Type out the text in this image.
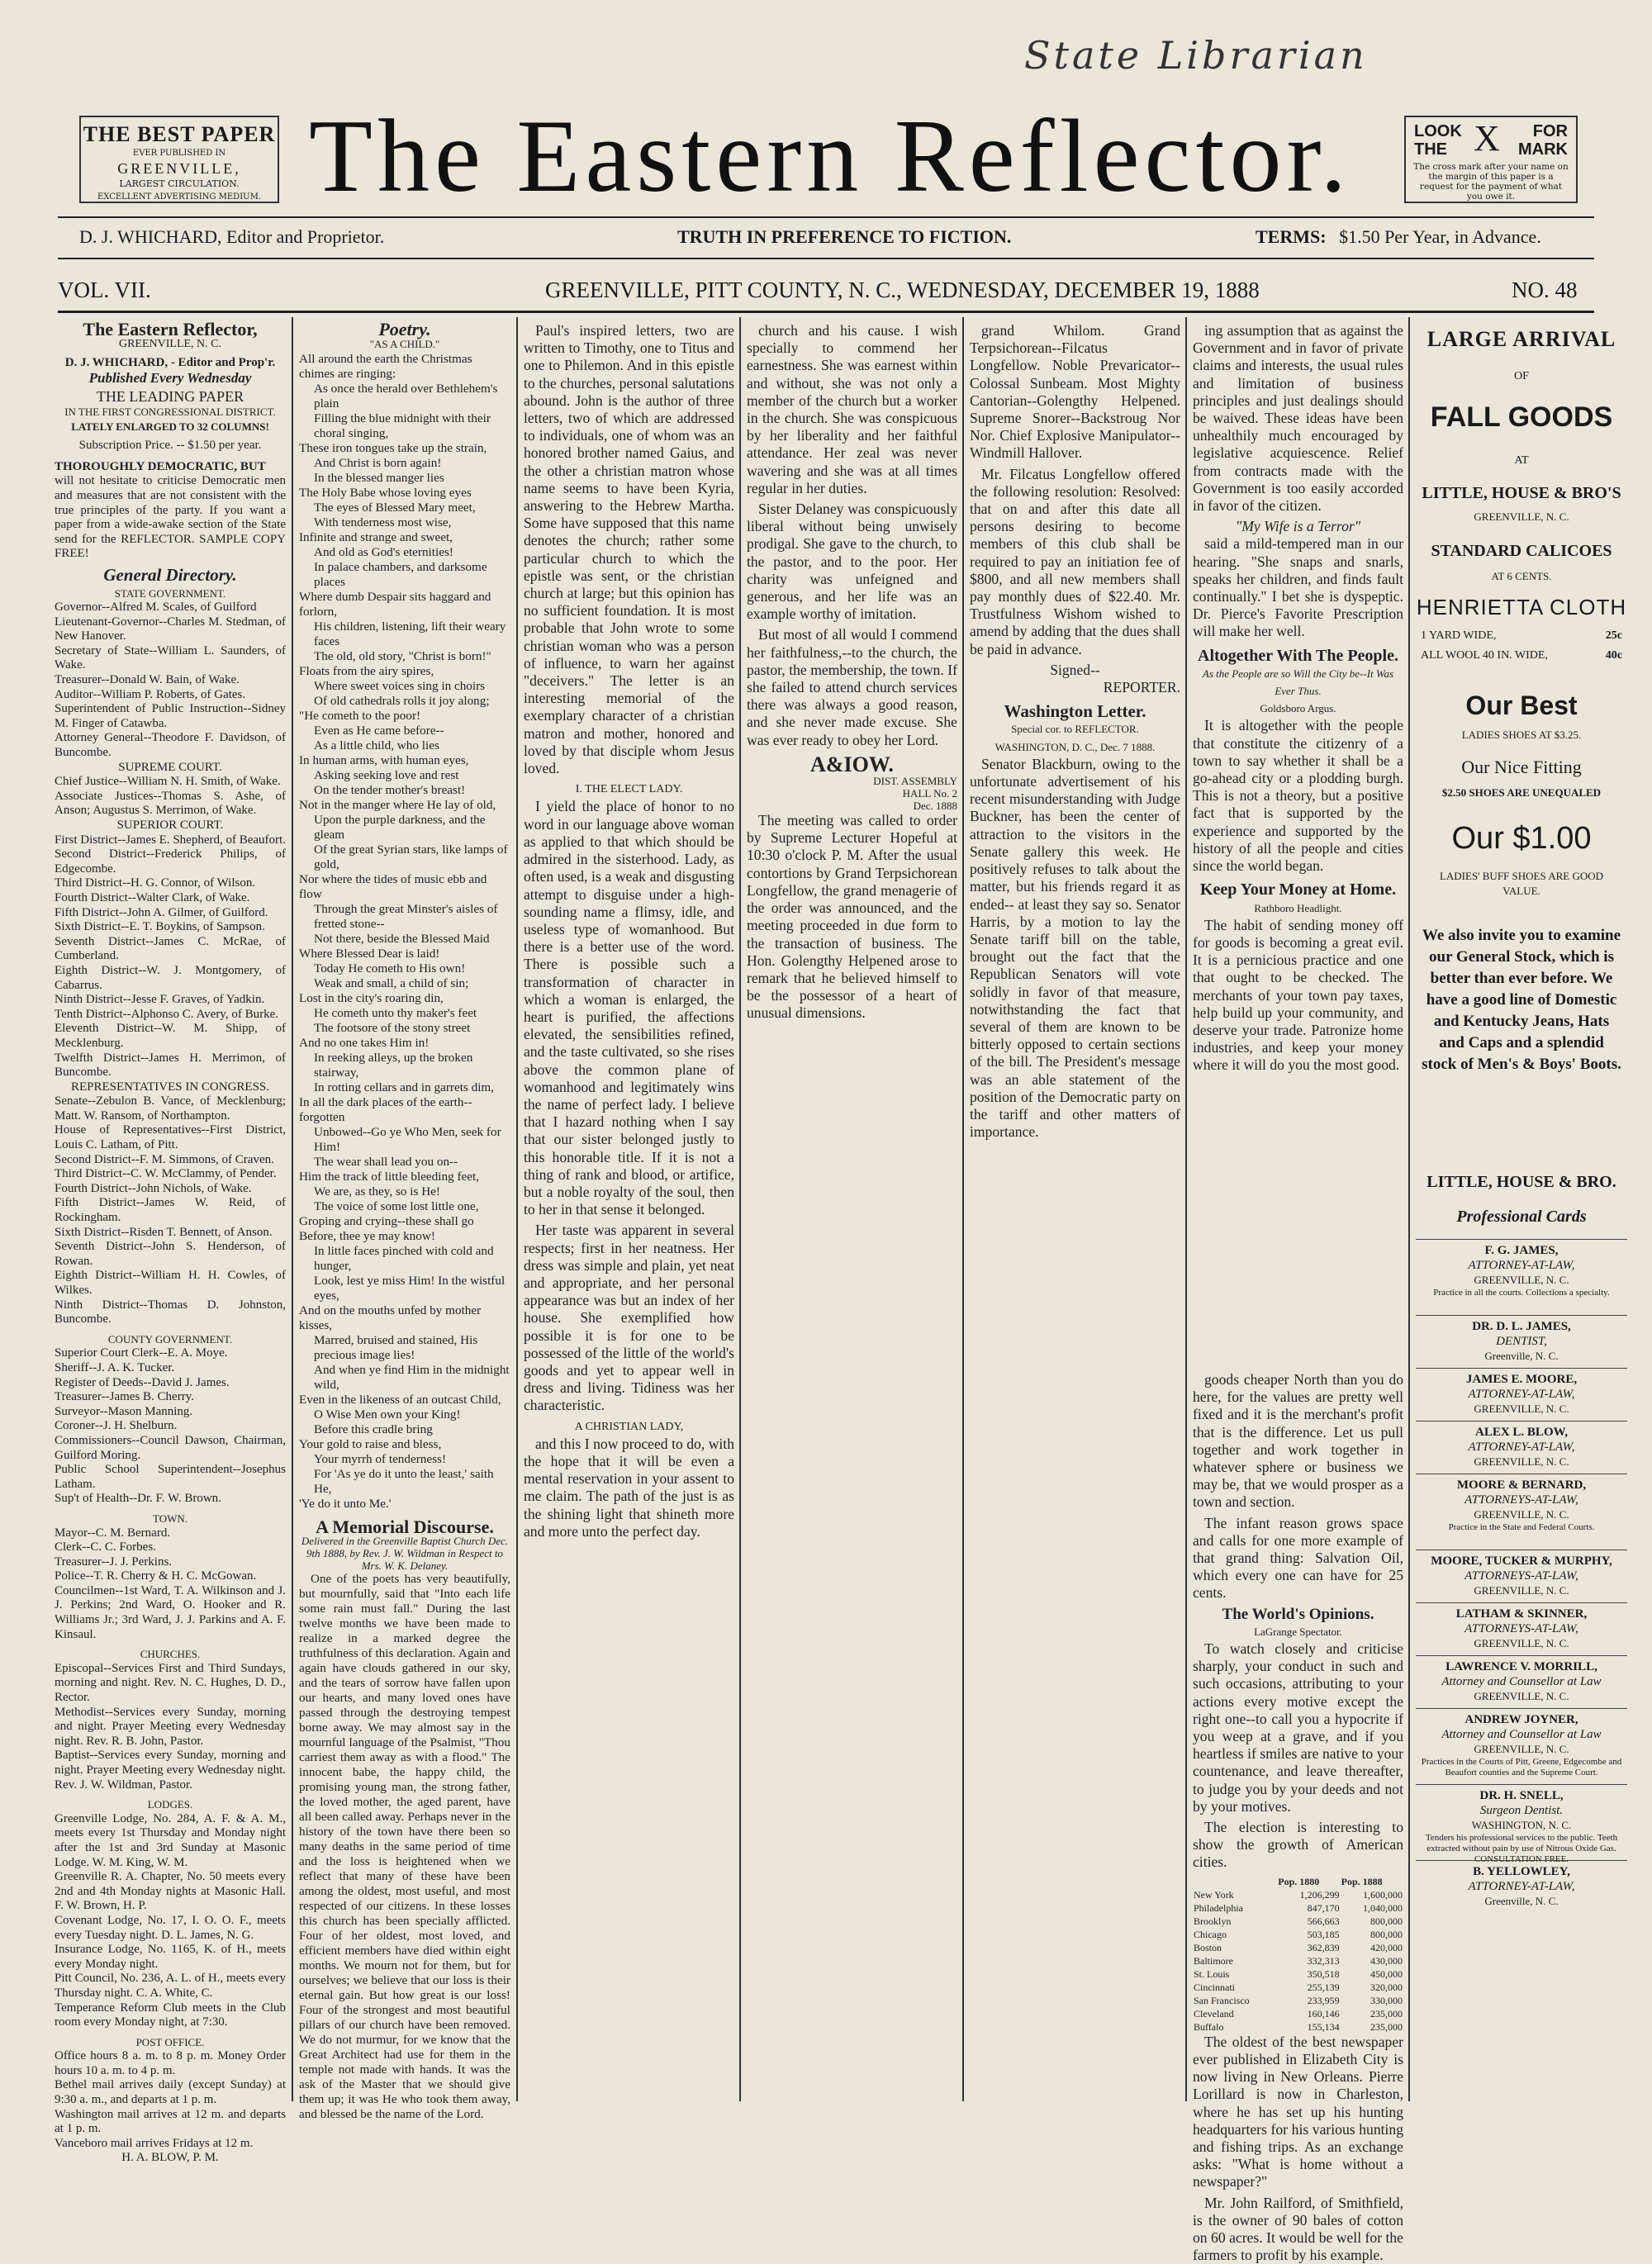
State Librarian
THE BEST PAPER
EVER PUBLISHED IN
GREENVILLE,
LARGEST CIRCULATION.
EXCELLENT ADVERTISING MEDIUM. The Eastern Reflector.	LOOK
THE X	FOR
MARK
The cross mark after your name on the margin of this paper is a request for the payment of what you owe it.
D. J. WHICHARD, Editor and Proprietor.	TRUTH IN PREFERENCE TO FICTION.	TERMS: $1.50 Per Year, in Advance.
VOL. VII.	GREENVILLE, PITT COUNTY, N. C., WEDNESDAY, DECEMBER 19, 1888	NO. 48
The Eastern Reflector,
GREENVILLE, N. C.
D. J. WHICHARD, - Editor and Prop'r.
Published Every Wednesday
THE LEADING PAPER
IN THE FIRST CONGRESSIONAL DISTRICT.
LATELY ENLARGED TO 32 COLUMNS!
Subscription Price. -- $1.50 per year.
THOROUGHLY DEMOCRATIC, BUT
will not hesitate to criticise Democratic men and measures that are not consistent with the true principles of the party. If you want a paper from a wide-awake section of the State send for the REFLECTOR. SAMPLE COPY FREE!
General Directory.
STATE GOVERNMENT.
Governor--Alfred M. Scales, of Guilford
Lieutenant-Governor--Charles M. Stedman, of New Hanover.
Secretary of State--William L. Saunders, of Wake.
Treasurer--Donald W. Bain, of Wake.
Auditor--William P. Roberts, of Gates.
Superintendent of Public Instruction--Sidney M. Finger of Catawba.
Attorney General--Theodore F. Davidson, of Buncombe.
SUPREME COURT.
Chief Justice--William N. H. Smith, of Wake.
Associate Justices--Thomas S. Ashe, of Anson; Augustus S. Merrimon, of Wake.
SUPERIOR COURT.
First District--James E. Shepherd, of Beaufort.
Second District--Frederick Philips, of Edgecombe.
Third District--H. G. Connor, of Wilson.
Fourth District--Walter Clark, of Wake.
Fifth District--John A. Gilmer, of Guilford.
Sixth District--E. T. Boykins, of Sampson.
Seventh District--James C. McRae, of Cumberland.
Eighth District--W. J. Montgomery, of Cabarrus.
Ninth District--Jesse F. Graves, of Yadkin.
Tenth District--Alphonso C. Avery, of Burke.
Eleventh District--W. M. Shipp, of Mecklenburg.
Twelfth District--James H. Merrimon, of Buncombe.
REPRESENTATIVES IN CONGRESS.
Senate--Zebulon B. Vance, of Mecklenburg; Matt. W. Ransom, of Northampton.
House of Representatives--First District, Louis C. Latham, of Pitt.
Second District--F. M. Simmons, of Craven.
Third District--C. W. McClammy, of Pender.
Fourth District--John Nichols, of Wake.
Fifth District--James W. Reid, of Rockingham.
Sixth District--Risden T. Bennett, of Anson.
Seventh District--John S. Henderson, of Rowan.
Eighth District--William H. H. Cowles, of Wilkes.
Ninth District--Thomas D. Johnston, Buncombe.
COUNTY GOVERNMENT.
Superior Court Clerk--E. A. Moye.
Sheriff--J. A. K. Tucker.
Register of Deeds--David J. James.
Treasurer--James B. Cherry.
Surveyor--Mason Manning.
Coroner--J. H. Shelburn.
Commissioners--Council Dawson, Chairman, Guilford Moring.
Public School Superintendent--Josephus Latham.
Sup't of Health--Dr. F. W. Brown.
TOWN.
Mayor--C. M. Bernard.
Clerk--C. C. Forbes.
Treasurer--J. J. Perkins.
Police--T. R. Cherry & H. C. McGowan.
Councilmen--1st Ward, T. A. Wilkinson and J. J. Perkins; 2nd Ward, O. Hooker and R. Williams Jr.; 3rd Ward, J. J. Parkins and A. F. Kinsaul.
CHURCHES.
Episcopal--Services First and Third Sundays, morning and night. Rev. N. C. Hughes, D. D., Rector.
Methodist--Services every Sunday, morning and night. Prayer Meeting every Wednesday night. Rev. R. B. John, Pastor.
Baptist--Services every Sunday, morning and night. Prayer Meeting every Wednesday night. Rev. J. W. Wildman, Pastor.
LODGES.
Greenville Lodge, No. 284, A. F. & A. M., meets every 1st Thursday and Monday night after the 1st and 3rd Sunday at Masonic Lodge. W. M. King, W. M.
Greenville R. A. Chapter, No. 50 meets every 2nd and 4th Monday nights at Masonic Hall. F. W. Brown, H. P.
Covenant Lodge, No. 17, I. O. O. F., meets every Tuesday night. D. L. James, N. G.
Insurance Lodge, No. 1165, K. of H., meets every Monday night.
Pitt Council, No. 236, A. L. of H., meets every Thursday night. C. A. White, C.
Temperance Reform Club meets in the Club room every Monday night, at 7:30.
POST OFFICE.
Office hours 8 a. m. to 8 p. m. Money Order hours 10 a. m. to 4 p. m.
Bethel mail arrives daily (except Sunday) at 9:30 a. m., and departs at 1 p. m.
Washington mail arrives at 12 m. and departs at 1 p. m.
Vanceboro mail arrives Fridays at 12 m.
H. A. BLOW, P. M.
Poetry.
"AS A CHILD."
All around the earth the Christmas chimes are ringing:
As once the herald over Bethlehem's plain
Filling the blue midnight with their choral singing,
These iron tongues take up the strain,
And Christ is born again!
In the blessed manger lies
The Holy Babe whose loving eyes
The eyes of Blessed Mary meet,
With tenderness most wise,
Infinite and strange and sweet,
And old as God's eternities!
In palace chambers, and darksome places
Where dumb Despair sits haggard and forlorn,
His children, listening, lift their weary faces
The old, old story, "Christ is born!"
Floats from the airy spires,
Where sweet voices sing in choirs
Of old cathedrals rolls it joy along;
"He cometh to the poor!
Even as He came before--
As a little child, who lies
In human arms, with human eyes,
Asking seeking love and rest
On the tender mother's breast!
Not in the manger where He lay of old,
Upon the purple darkness, and the gleam
Of the great Syrian stars, like lamps of gold,
Nor where the tides of music ebb and flow
Through the great Minster's aisles of fretted stone--
Not there, beside the Blessed Maid
Where Blessed Dear is laid!
Today He cometh to His own!
Weak and small, a child of sin;
Lost in the city's roaring din,
He cometh unto thy maker's feet
The footsore of the stony street
And no one takes Him in!
In reeking alleys, up the broken stairway,
In rotting cellars and in garrets dim,
In all the dark places of the earth--forgotten
Unbowed--Go ye Who Men, seek for Him!
The wear shall lead you on--
Him the track of little bleeding feet,
We are, as they, so is He!
The voice of some lost little one,
Groping and crying--these shall go Before, thee ye may know!
In little faces pinched with cold and hunger,
Look, lest ye miss Him! In the wistful eyes,
And on the mouths unfed by mother kisses,
Marred, bruised and stained, His precious image lies!
And when ye find Him in the midnight wild,
Even in the likeness of an outcast Child,
O Wise Men own your King!
Before this cradle bring
Your gold to raise and bless,
Your myrrh of tenderness!
For 'As ye do it unto the least,' saith He,
'Ye do it unto Me.'
A Memorial Discourse.
Delivered in the Greenville Baptist Church Dec. 9th 1888, by Rev. J. W. Wildman in Respect to Mrs. W. K. Delaney.

One of the poets has very beautifully, but mournfully, said that "Into each life some rain must fall." During the last twelve months we have been made to realize in a marked degree the truthfulness of this declaration. Again and again have clouds gathered in our sky, and the tears of sorrow have fallen upon our hearts, and many loved ones have passed through the destroying tempest borne away. We may almost say in the mournful language of the Psalmist, "Thou carriest them away as with a flood." The innocent babe, the happy child, the promising young man, the strong father, the loved mother, the aged parent, have all been called away. Perhaps never in the history of the town have there been so many deaths in the same period of time and the loss is heightened when we reflect that many of these have been among the oldest, most useful, and most respected of our citizens. In these losses this church has been specially afflicted. Four of her oldest, most loved, and efficient members have died within eight months. We mourn not for them, but for ourselves; we believe that our loss is their eternal gain. But how great is our loss! Four of the strongest and most beautiful pillars of our church have been removed. We do not murmur, for we know that the Great Architect had use for them in the temple not made with hands. It was the ask of the Master that we should give them up; it was He who took them away, and blessed be the name of the Lord.

Paul's inspired letters, two are written to Timothy, one to Titus and one to Philemon. And in this epistle to the churches, personal salutations abound. John is the author of three letters, two of which are addressed to individuals, one of whom was an honored brother named Gaius, and the other a christian matron whose name seems to have been Kyria, answering to the Hebrew Martha. Some have supposed that this name denotes the church; rather some particular church to which the epistle was sent, or the christian church at large; but this opinion has no sufficient foundation. It is most probable that John wrote to some christian woman who was a person of influence, to warn her against "deceivers." The letter is an interesting memorial of the exemplary character of a christian matron and mother, honored and loved by that disciple whom Jesus loved.

I. THE ELECT LADY.

I yield the place of honor to no word in our language above woman as applied to that which should be admired in the sisterhood. Lady, as often used, is a weak and disgusting attempt to disguise under a high-sounding name a flimsy, idle, and useless type of womanhood. But there is a better use of the word. There is possible such a transformation of character in which a woman is enlarged, the heart is purified, the affections elevated, the sensibilities refined, and the taste cultivated, so she rises above the common plane of womanhood and legitimately wins the name of perfect lady. I believe that I hazard nothing when I say that our sister belonged justly to this honorable title. If it is not a thing of rank and blood, or artifice, but a noble royalty of the soul, then to her in that sense it belonged.

Her taste was apparent in several respects; first in her neatness. Her dress was simple and plain, yet neat and appropriate, and her personal appearance was but an index of her house. She exemplified how possible it is for one to be possessed of the little of the world's goods and yet to appear well in dress and living. Tidiness was her characteristic.

A CHRISTIAN LADY,

and this I now proceed to do, with the hope that it will be even a mental reservation in your assent to me claim. The path of the just is as the shining light that shineth more and more unto the perfect day.

church and his cause. I wish specially to commend her earnestness. She was earnest within and without, she was not only a member of the church but a worker in the church. She was conspicuous by her liberality and her faithful attendance. Her zeal was never wavering and she was at all times regular in her duties.

Sister Delaney was conspicuously liberal without being unwisely prodigal. She gave to the church, to the pastor, and to the poor. Her charity was unfeigned and generous, and her life was an example worthy of imitation.

But most of all would I commend her faithfulness,--to the church, the pastor, the membership, the town. If she failed to attend church services there was always a good reason, and she never made excuse. She was ever ready to obey her Lord.

A&IOW.
DIST. ASSEMBLY
HALL No. 2
Dec. 1888

The meeting was called to order by Supreme Lecturer Hopeful at 10:30 o'clock P. M. After the usual contortions by Grand Terpsichorean Longfellow, the grand menagerie of the order was announced, and the meeting proceeded in due form to the transaction of business. The Hon. Golengthy Helpened arose to remark that he believed himself to be the possessor of a heart of unusual dimensions.

grand Whilom. Grand Terpsichorean--Filcatus Longfellow. Noble Prevaricator--Colossal Sunbeam. Most Mighty Cantorian--Golengthy Helpened. Supreme Snorer--Backstroug Nor Nor. Chief Explosive Manipulator--Windmill Hallover.

Mr. Filcatus Longfellow offered the following resolution: Resolved: that on and after this date all persons desiring to become members of this club shall be required to pay an initiation fee of $800, and all new members shall pay monthly dues of $22.40. Mr. Trustfulness Wishom wished to amend by adding that the dues shall be paid in advance.

Signed--
REPORTER.
Washington Letter.
Special cor. to REFLECTOR.
WASHINGTON, D. C., Dec. 7 1888.

Senator Blackburn, owing to the unfortunate advertisement of his recent misunderstanding with Judge Buckner, has been the center of attraction to the visitors in the Senate gallery this week. He positively refuses to talk about the matter, but his friends regard it as ended-- at least they say so. Senator Harris, by a motion to lay the Senate tariff bill on the table, brought out the fact that the Republican Senators will vote solidly in favor of that measure, notwithstanding the fact that several of them are known to be bitterly opposed to certain sections of the bill. The President's message was an able statement of the position of the Democratic party on the tariff and other matters of importance.

ing assumption that as against the Government and in favor of private claims and interests, the usual rules and limitation of business principles and just dealings should be waived. These ideas have been unhealthily much encouraged by legislative acquiescence. Relief from contracts made with the Government is too easily accorded in favor of the citizen.

"My Wife is a Terror"

said a mild-tempered man in our hearing. "She snaps and snarls, speaks her children, and finds fault continually." I bet she is dyspeptic. Dr. Pierce's Favorite Prescription will make her well.

Altogether With The People.
As the People are so Will the City be--It Was Ever Thus.
Goldsboro Argus.

It is altogether with the people that constitute the citizenry of a town to say whether it shall be a go-ahead city or a plodding burgh. This is not a theory, but a positive fact that is supported by the experience and supported by the history of all the people and cities since the world began.

Keep Your Money at Home.
Rathboro Headlight.

The habit of sending money off for goods is becoming a great evil. It is a pernicious practice and one that ought to be checked. The merchants of your town pay taxes, help build up your community, and deserve your trade. Patronize home industries, and keep your money where it will do you the most good.

LARGE ARRIVAL
OF
FALL GOODS
AT
LITTLE, HOUSE & BRO'S
GREENVILLE, N. C.
STANDARD CALICOES
AT 6 CENTS.
HENRIETTA CLOTH
1 YARD WIDE,	25c
ALL WOOL 40 IN. WIDE,	40c
Our Best
LADIES SHOES AT $3.25.
Our Nice Fitting
$2.50 SHOES ARE UNEQUALED
Our $1.00
LADIES' BUFF SHOES ARE GOOD VALUE.
We also invite you to examine our General Stock, which is better than ever before. We have a good line of Domestic and Kentucky Jeans, Hats and Caps and a splendid stock of Men's & Boys' Boots.
LITTLE, HOUSE & BRO.
Professional Cards
F. G. JAMES,
ATTORNEY-AT-LAW,
GREENVILLE, N. C.
Practice in all the courts. Collections a specialty.
DR. D. L. JAMES,
DENTIST,
Greenville, N. C.
JAMES E. MOORE,
ATTORNEY-AT-LAW,
GREENVILLE, N. C.
ALEX L. BLOW,
ATTORNEY-AT-LAW,
GREENVILLE, N. C.
MOORE & BERNARD,
ATTORNEYS-AT-LAW,
GREENVILLE, N. C.
Practice in the State and Federal Courts.
MOORE, TUCKER & MURPHY,
ATTORNEYS-AT-LAW,
GREENVILLE, N. C.
LATHAM & SKINNER,
ATTORNEYS-AT-LAW,
GREENVILLE, N. C.
LAWRENCE V. MORRILL,
Attorney and Counsellor at Law
GREENVILLE, N. C.
ANDREW JOYNER,
Attorney and Counsellor at Law
GREENVILLE, N. C.
Practices in the Courts of Pitt, Greene, Edgecombe and Beaufort counties and the Supreme Court.
DR. H. SNELL,
Surgeon Dentist.
WASHINGTON, N. C.
Tenders his professional services to the public. Teeth extracted without pain by use of Nitrous Oxide Gas. CONSULTATION FREE.
B. YELLOWLEY,
ATTORNEY-AT-LAW,
Greenville, N. C.

goods cheaper North than you do here, for the values are pretty well fixed and it is the merchant's profit that is the difference. Let us pull together and work together in whatever sphere or business we may be, that we would prosper as a town and section.

The infant reason grows space and calls for one more example of that grand thing: Salvation Oil, which every one can have for 25 cents.

The World's Opinions.
LaGrange Spectator.

To watch closely and criticise sharply, your conduct in such and such occasions, attributing to your actions every motive except the right one--to call you a hypocrite if you weep at a grave, and if you heartless if smiles are native to your countenance, and leave thereafter, to judge you by your deeds and not by your motives.

The election is interesting to show the growth of American cities.

	Pop. 1880	Pop. 1888
New York	1,206,299	1,600,000
Philadelphia	847,170	1,040,000
Brooklyn	566,663	800,000
Chicago	503,185	800,000
Boston	362,839	420,000
Baltimore	332,313	430,000
St. Louis	350,518	450,000
Cincinnati	255,139	320,000
San Francisco	233,959	330,000
Cleveland	160,146	235,000
Buffalo	155,134	235,000

The oldest of the best newspaper ever published in Elizabeth City is now living in New Orleans. Pierre Lorillard is now in Charleston, where he has set up his hunting headquarters for his various hunting and fishing trips. As an exchange asks: "What is home without a newspaper?"

Mr. John Railford, of Smithfield, is the owner of 90 bales of cotton on 60 acres. It would be well for the farmers to profit by his example.
